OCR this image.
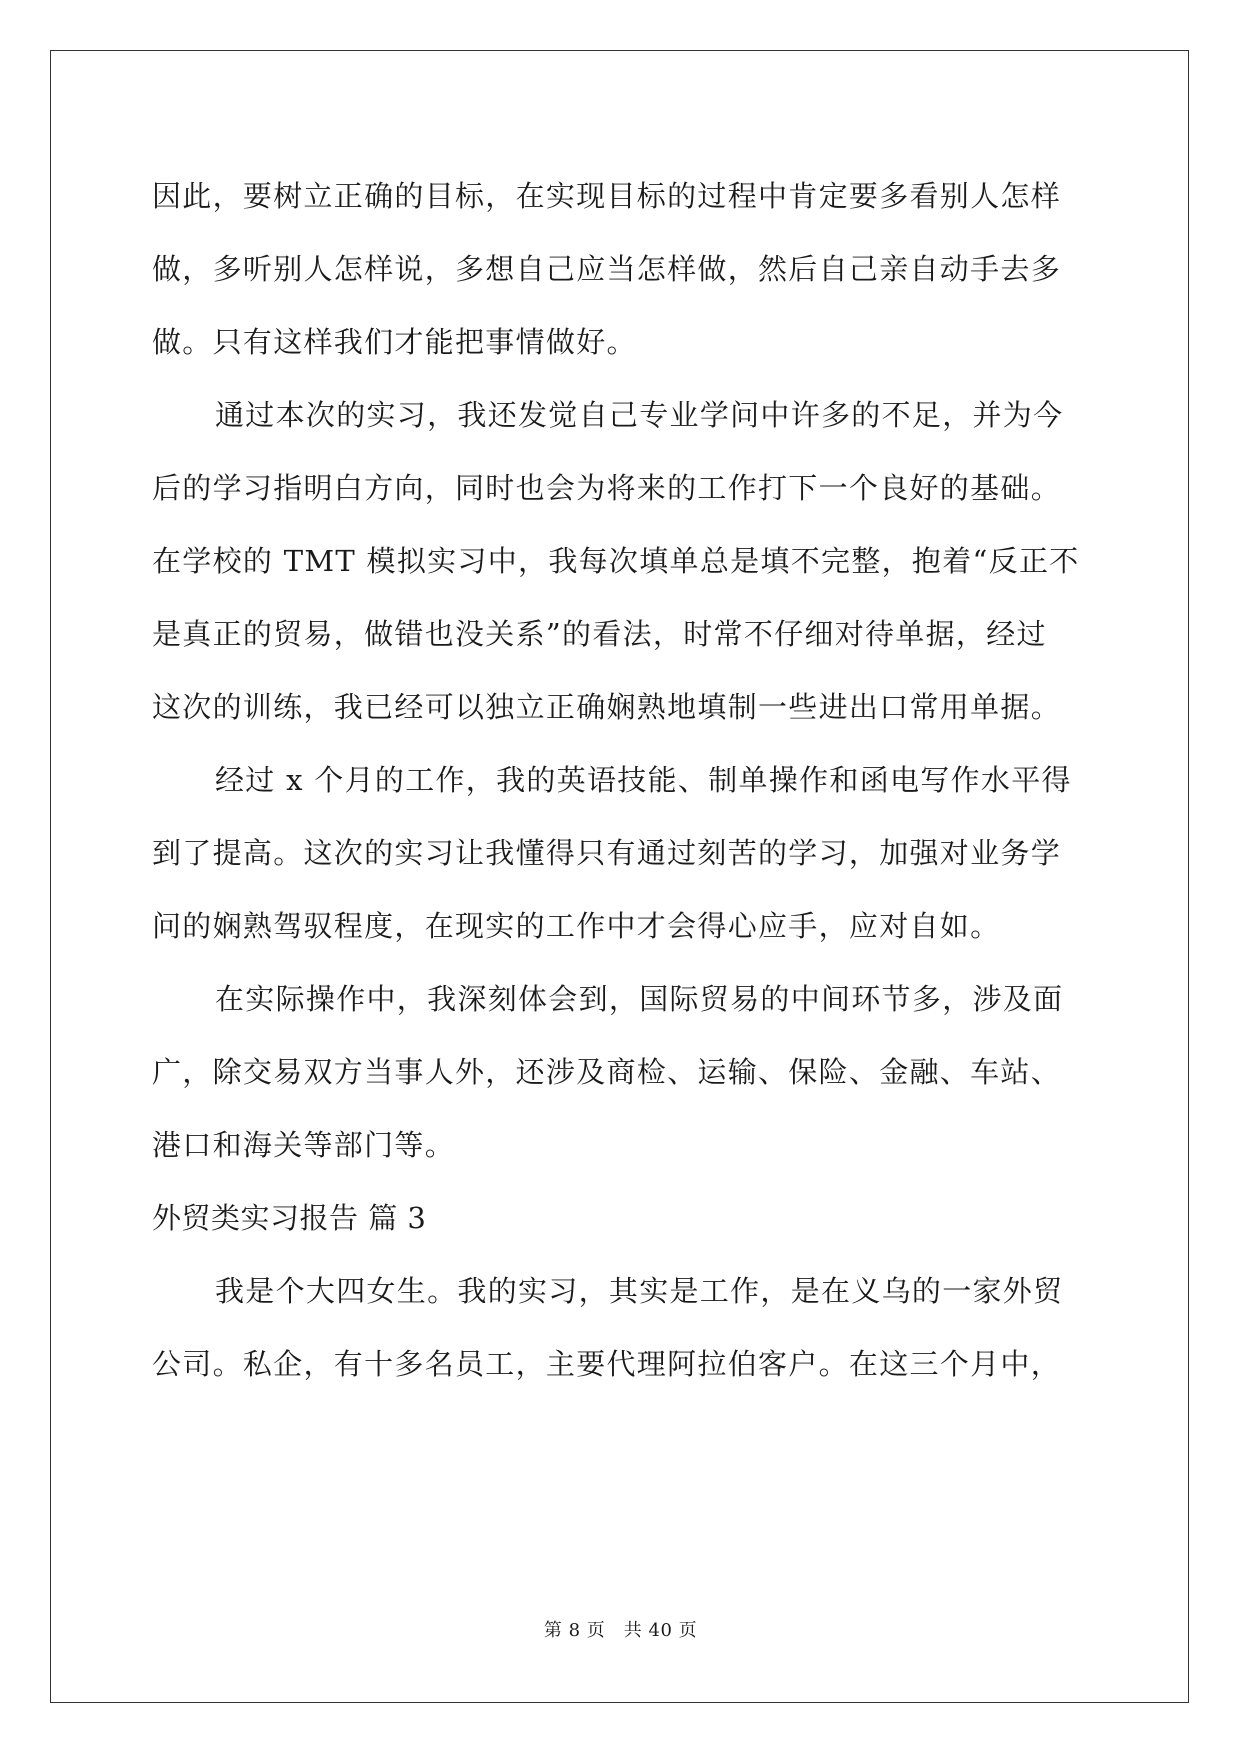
因此，要树立正确的目标，在实现目标的过程中肯定要多看别人怎样
做，多听别人怎样说，多想自己应当怎样做，然后自己亲自动手去多
做。只有这样我们才能把事情做好。
通过本次的实习，我还发觉自己专业学问中许多的不足，并为今
后的学习指明白方向，同时也会为将来的工作打下一个良好的基础。
在学校的 TMT 模拟实习中，我每次填单总是填不完整，抱着“反正不
是真正的贸易，做错也没关系”的看法，时常不仔细对待单据，经过
这次的训练，我已经可以独立正确娴熟地填制一些进出口常用单据。
经过 x 个月的工作，我的英语技能、制单操作和函电写作水平得
到了提高。这次的实习让我懂得只有通过刻苦的学习，加强对业务学
问的娴熟驾驭程度，在现实的工作中才会得心应手，应对自如。
在实际操作中，我深刻体会到，国际贸易的中间环节多，涉及面
广，除交易双方当事人外，还涉及商检、运输、保险、金融、车站、
港口和海关等部门等。
外贸类实习报告 篇 3
我是个大四女生。我的实习，其实是工作，是在义乌的一家外贸
公司。私企，有十多名员工，主要代理阿拉伯客户。在这三个月中，
第 8 页　共 40 页
